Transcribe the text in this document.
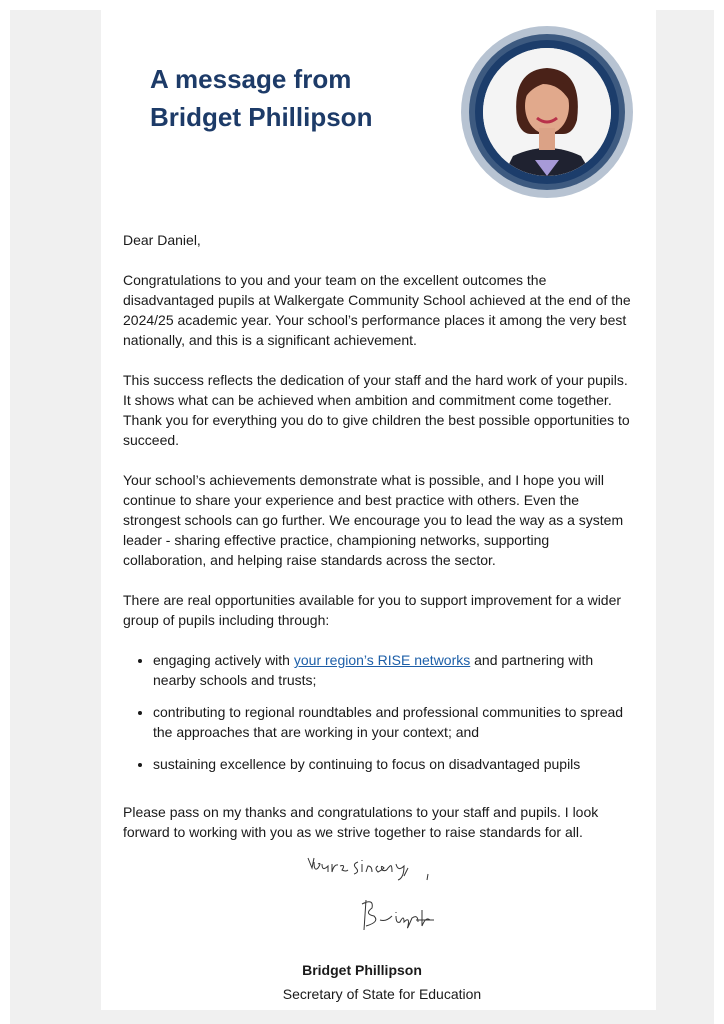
A message from
Bridget Phillipson

Dear Daniel,

Congratulations to you and your team on the excellent outcomes the disadvantaged pupils at Walkergate Community School achieved at the end of the 2024/25 academic year. Your school’s performance places it among the very best nationally, and this is a significant achievement.

This success reflects the dedication of your staff and the hard work of your pupils. It shows what can be achieved when ambition and commitment come together. Thank you for everything you do to give children the best possible opportunities to succeed.

Your school’s achievements demonstrate what is possible, and I hope you will continue to share your experience and best practice with others. Even the strongest schools can go further. We encourage you to lead the way as a system leader - sharing effective practice, championing networks, supporting collaboration, and helping raise standards across the sector.

There are real opportunities available for you to support improvement for a wider group of pupils including through:

• engaging actively with your region’s RISE networks and partnering with nearby schools and trusts;
• contributing to regional roundtables and professional communities to spread the approaches that are working in your context; and
• sustaining excellence by continuing to focus on disadvantaged pupils

Please pass on my thanks and congratulations to your staff and pupils. I look forward to working with you as we strive together to raise standards for all.

Bridget Phillipson
Secretary of State for Education
